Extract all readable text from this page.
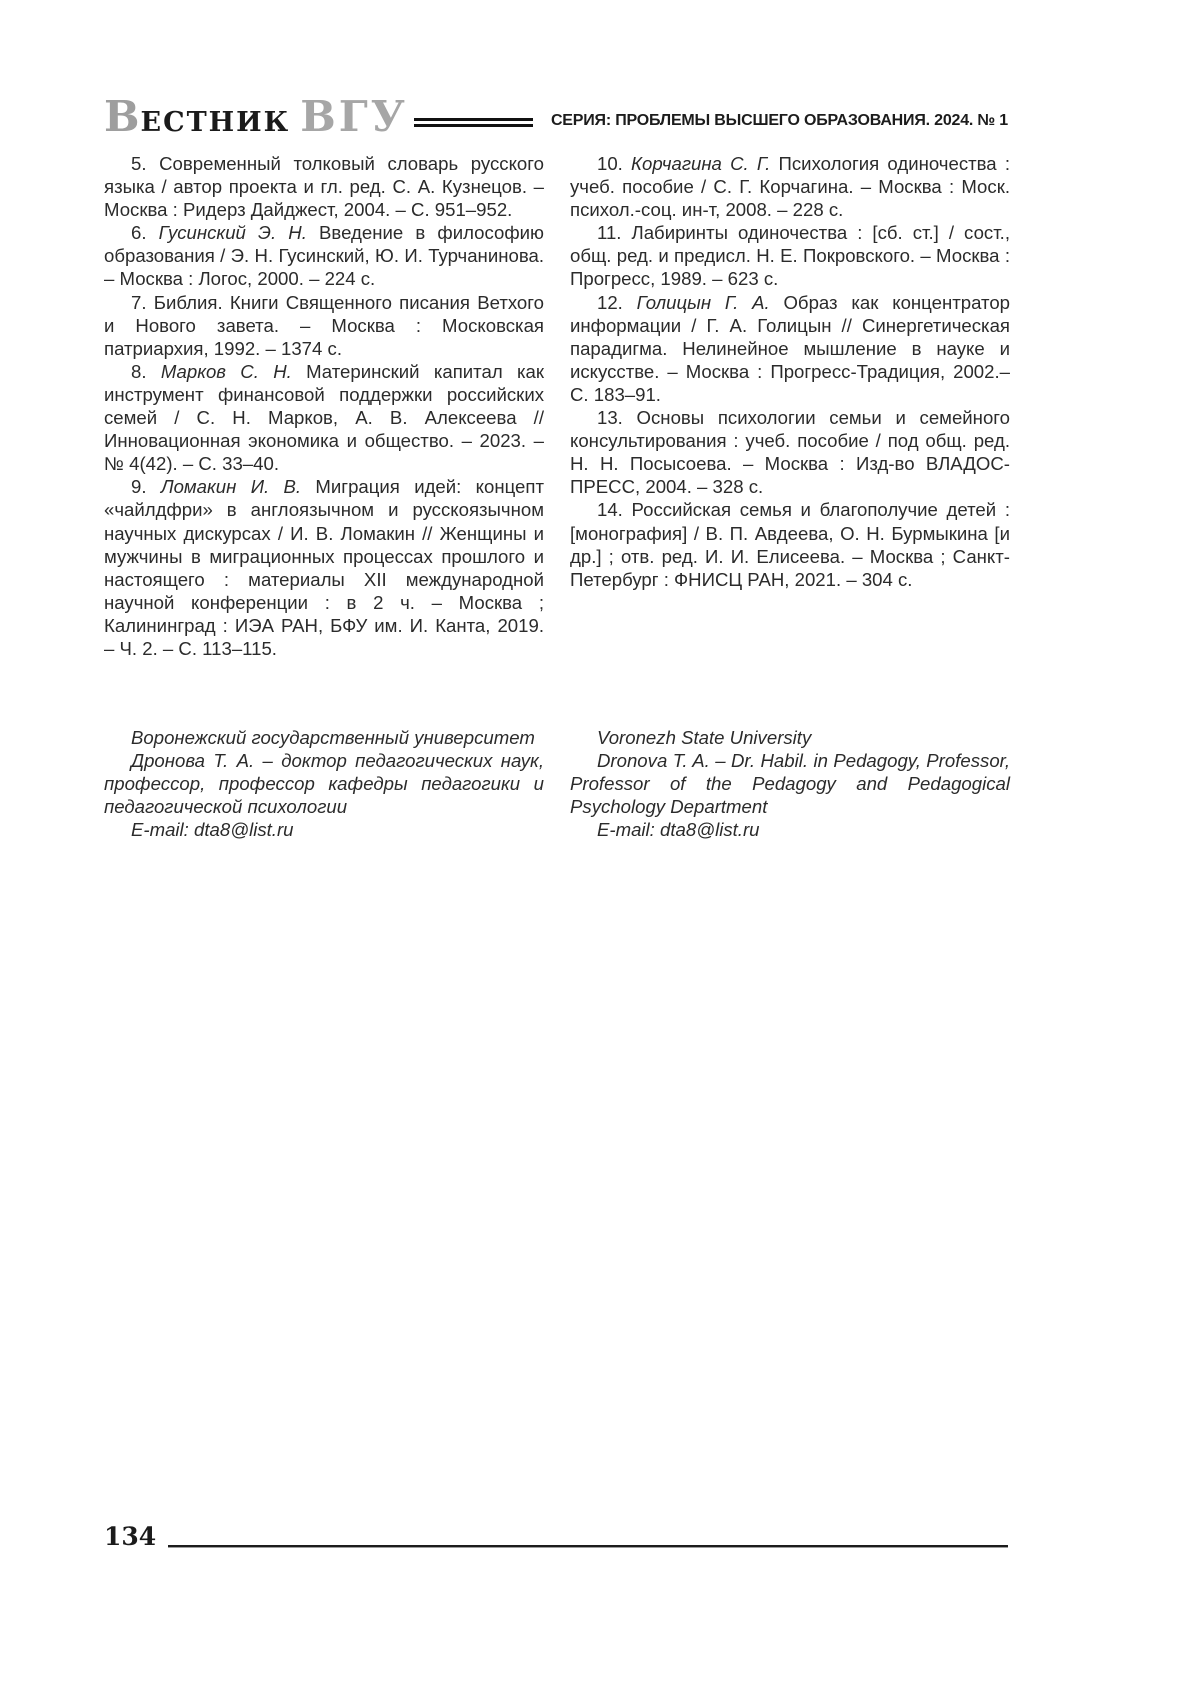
ВЕСТНИК ВГУ	СЕРИЯ: ПРОБЛЕМЫ ВЫСШЕГО ОБРАЗОВАНИЯ. 2024. № 1

5. Современный толковый словарь русского языка / автор проекта и гл. ред. С. А. Кузнецов. – Москва : Ридерз Дайджест, 2004. – С. 951–952.

6. Гусинский Э. Н. Введение в философию образования / Э. Н. Гусинский, Ю. И. Турчанинова. – Москва : Логос, 2000. – 224 с.

7. Библия. Книги Священного писания Ветхого и Нового завета. – Москва : Московская патриархия, 1992. – 1374 с.

8. Марков С. Н. Материнский капитал как инструмент финансовой поддержки российских семей / С. Н. Марков, А. В. Алексеева // Инновационная экономика и общество. – 2023. – № 4(42). – С. 33–40.

9. Ломакин И. В. Миграция идей: концепт «чайлдфри» в англоязычном и русскоязычном научных дискурсах / И. В. Ломакин // Женщины и мужчины в миграционных процессах прошлого и настоящего : материалы XII международной научной конференции : в 2 ч. – Москва ; Калининград : ИЭА РАН, БФУ им. И. Канта, 2019. – Ч. 2. – С. 113–115.

10. Корчагина С. Г. Психология одиночества : учеб. пособие / С. Г. Корчагина. – Москва : Моск. психол.-соц. ин-т, 2008. – 228 с.

11. Лабиринты одиночества : [сб. ст.] / сост., общ. ред. и предисл. Н. Е. Покровского. – Москва : Прогресс, 1989. – 623 с.

12. Голицын Г. А. Образ как концентратор информации / Г. А. Голицын // Синергетическая парадигма. Нелинейное мышление в науке и искусстве. – Москва : Прогресс-Традиция, 2002.– С. 183–91.

13. Основы психологии семьи и семейного консультирования : учеб. пособие / под общ. ред. Н. Н. Посысоева. – Москва : Изд-во ВЛАДОС-ПРЕСС, 2004. – 328 с.

14. Российская семья и благополучие детей : [монография] / В. П. Авдеева, О. Н. Бурмыкина [и др.] ; отв. ред. И. И. Елисеева. – Москва ; Санкт-Петербург : ФНИСЦ РАН, 2021. – 304 с.

Воронежский государственный университет

Дронова Т. А. – доктор педагогических наук, профессор, профессор кафедры педагогики и педагогической психологии

E-mail: dta8@list.ru

Voronezh State University

Dronova T. A. – Dr. Habil. in Pedagogy, Professor, Professor of the Pedagogy and Pedagogical Psychology Department

E-mail: dta8@list.ru

134
